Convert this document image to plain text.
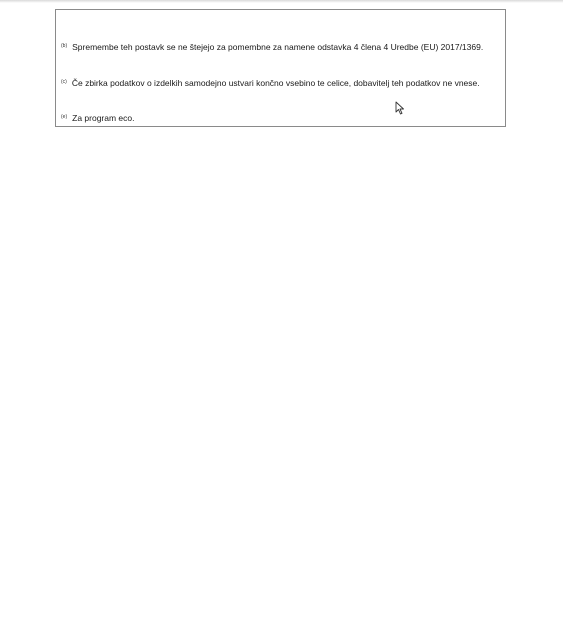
$^{(b)}$ Spremembe teh postavk se ne štejejo za pomembne za namene odstavka 4 člena 4 Uredbe (EU) 2017/1369.
$^{(c)}$ Če zbirka podatkov o izdelkih samodejno ustvari končno vsebino te celice, dobavitelj teh podatkov ne vnese.
$^{(e)}$ Za program eco.
